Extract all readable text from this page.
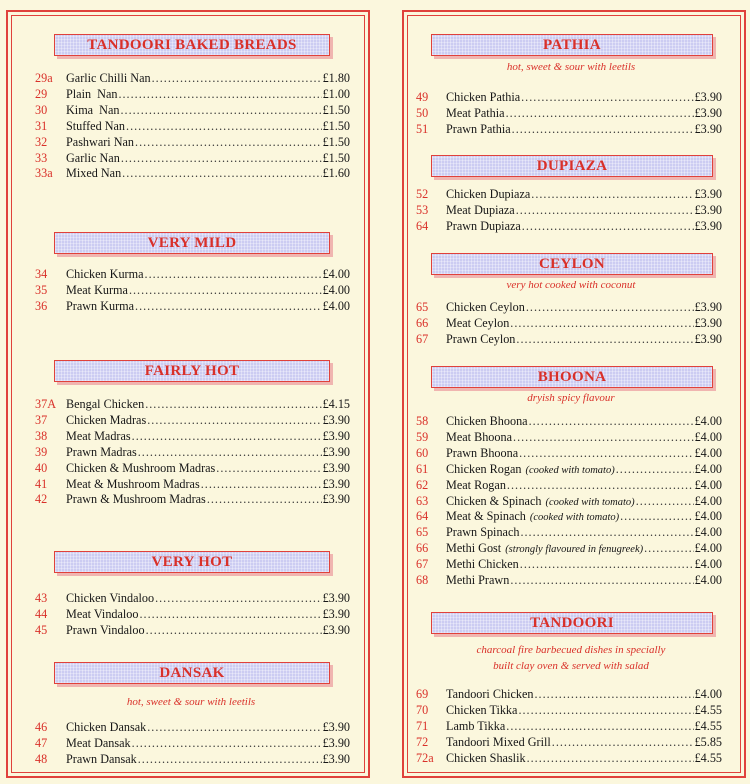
TANDOORI BAKED BREADS
29a Garlic Chilli Nan .....	£1.80
29 Plain  Nan .....	£1.00
30 Kima  Nan .....	£1.50
31 Stuffed Nan .....	£1.50
32 Pashwari Nan .....	£1.50
33 Garlic Nan .....	£1.50
33a Mixed Nan .....	£1.60
VERY MILD
34 Chicken Kurma .....	£4.00
35 Meat Kurma .....	£4.00
36 Prawn Kurma .....	£4.00
FAIRLY HOT
37A Bengal Chicken .....	£4.15
37 Chicken Madras .....	£3.90
38 Meat Madras .....	£3.90
39 Prawn Madras .....	£3.90
40 Chicken & Mushroom Madras .....	£3.90
41 Meat & Mushroom Madras .....	£3.90
42 Prawn & Mushroom Madras .....	£3.90
VERY HOT
43 Chicken Vindaloo .....	£3.90
44 Meat Vindaloo .....	£3.90
45 Prawn Vindaloo .....	£3.90
DANSAK
hot, sweet & sour with leetils
46 Chicken Dansak .....	£3.90
47 Meat Dansak .....	£3.90
48 Prawn Dansak .....	£3.90
PATHIA
hot, sweet & sour with leetils
49 Chicken Pathia .....	£3.90
50 Meat Pathia .....	£3.90
51 Prawn Pathia .....	£3.90
DUPIAZA
52 Chicken Dupiaza .....	£3.90
53 Meat Dupiaza .....	£3.90
64 Prawn Dupiaza .....	£3.90
CEYLON
very hot cooked with coconut
65 Chicken Ceylon .....	£3.90
66 Meat Ceylon .....	£3.90
67 Prawn Ceylon .....	£3.90
BHOONA
dryish spicy flavour
58 Chicken Bhoona .....	£4.00
59 Meat Bhoona .....	£4.00
60 Prawn Bhoona .....	£4.00
61 Chicken Rogan (cooked with tomato) .....	£4.00
62 Meat Rogan .....	£4.00
63 Chicken & Spinach (cooked with tomato) .....	£4.00
64 Meat & Spinach (cooked with tomato) .....	£4.00
65 Prawn Spinach .....	£4.00
66 Methi Gost (strongly flavoured in fenugreek) .....	£4.00
67 Methi Chicken .....	£4.00
68 Methi Prawn .....	£4.00
TANDOORI
charcoal fire barbecued dishes in specially
built clay oven & served with salad
69 Tandoori Chicken .....	£4.00
70 Chicken Tikka .....	£4.55
71 Lamb Tikka .....	£4.55
72 Tandoori Mixed Grill .....	£5.85
72a Chicken Shaslik .....	£4.55
